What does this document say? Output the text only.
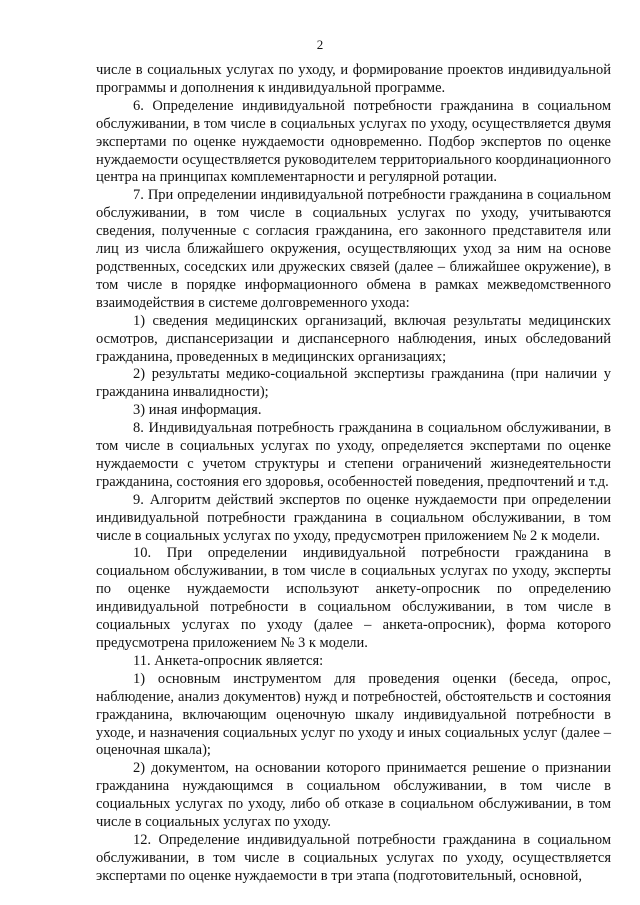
2

числе в социальных услугах по уходу, и формирование проектов индивидуальной программы и дополнения к индивидуальной программе.

6. Определение индивидуальной потребности гражданина в социальном обслуживании, в том числе в социальных услугах по уходу, осуществляется двумя экспертами по оценке нуждаемости одновременно. Подбор экспертов по оценке нуждаемости осуществляется руководителем территориального координационного центра на принципах комплементарности и регулярной ротации.

7. При определении индивидуальной потребности гражданина в социальном обслуживании, в том числе в социальных услугах по уходу, учитываются сведения, полученные с согласия гражданина, его законного представителя или лиц из числа ближайшего окружения, осуществляющих уход за ним на основе родственных, соседских или дружеских связей (далее – ближайшее окружение), в том числе в порядке информационного обмена в рамках межведомственного взаимодействия в системе долговременного ухода:

1) сведения медицинских организаций, включая результаты медицинских осмотров, диспансеризации и диспансерного наблюдения, иных обследований гражданина, проведенных в медицинских организациях;

2) результаты медико-социальной экспертизы гражданина (при наличии у гражданина инвалидности);

3) иная информация.

8. Индивидуальная потребность гражданина в социальном обслуживании, в том числе в социальных услугах по уходу, определяется экспертами по оценке нуждаемости с учетом структуры и степени ограничений жизнедеятельности гражданина, состояния его здоровья, особенностей поведения, предпочтений и т.д.

9. Алгоритм действий экспертов по оценке нуждаемости при определении индивидуальной потребности гражданина в социальном обслуживании, в том числе в социальных услугах по уходу, предусмотрен приложением № 2 к модели.

10. При определении индивидуальной потребности гражданина в социальном обслуживании, в том числе в социальных услугах по уходу, эксперты по оценке нуждаемости используют анкету-опросник по определению индивидуальной потребности в социальном обслуживании, в том числе в социальных услугах по уходу (далее – анкета-опросник), форма которого предусмотрена приложением № 3 к модели.

11. Анкета-опросник является:

1) основным инструментом для проведения оценки (беседа, опрос, наблюдение, анализ документов) нужд и потребностей, обстоятельств и состояния гражданина, включающим оценочную шкалу индивидуальной потребности в уходе, и назначения социальных услуг по уходу и иных социальных услуг (далее – оценочная шкала);

2) документом, на основании которого принимается решение о признании гражданина нуждающимся в социальном обслуживании, в том числе в социальных услугах по уходу, либо об отказе в социальном обслуживании, в том числе в социальных услугах по уходу.

12. Определение индивидуальной потребности гражданина в социальном обслуживании, в том числе в социальных услугах по уходу, осуществляется экспертами по оценке нуждаемости в три этапа (подготовительный, основной,
